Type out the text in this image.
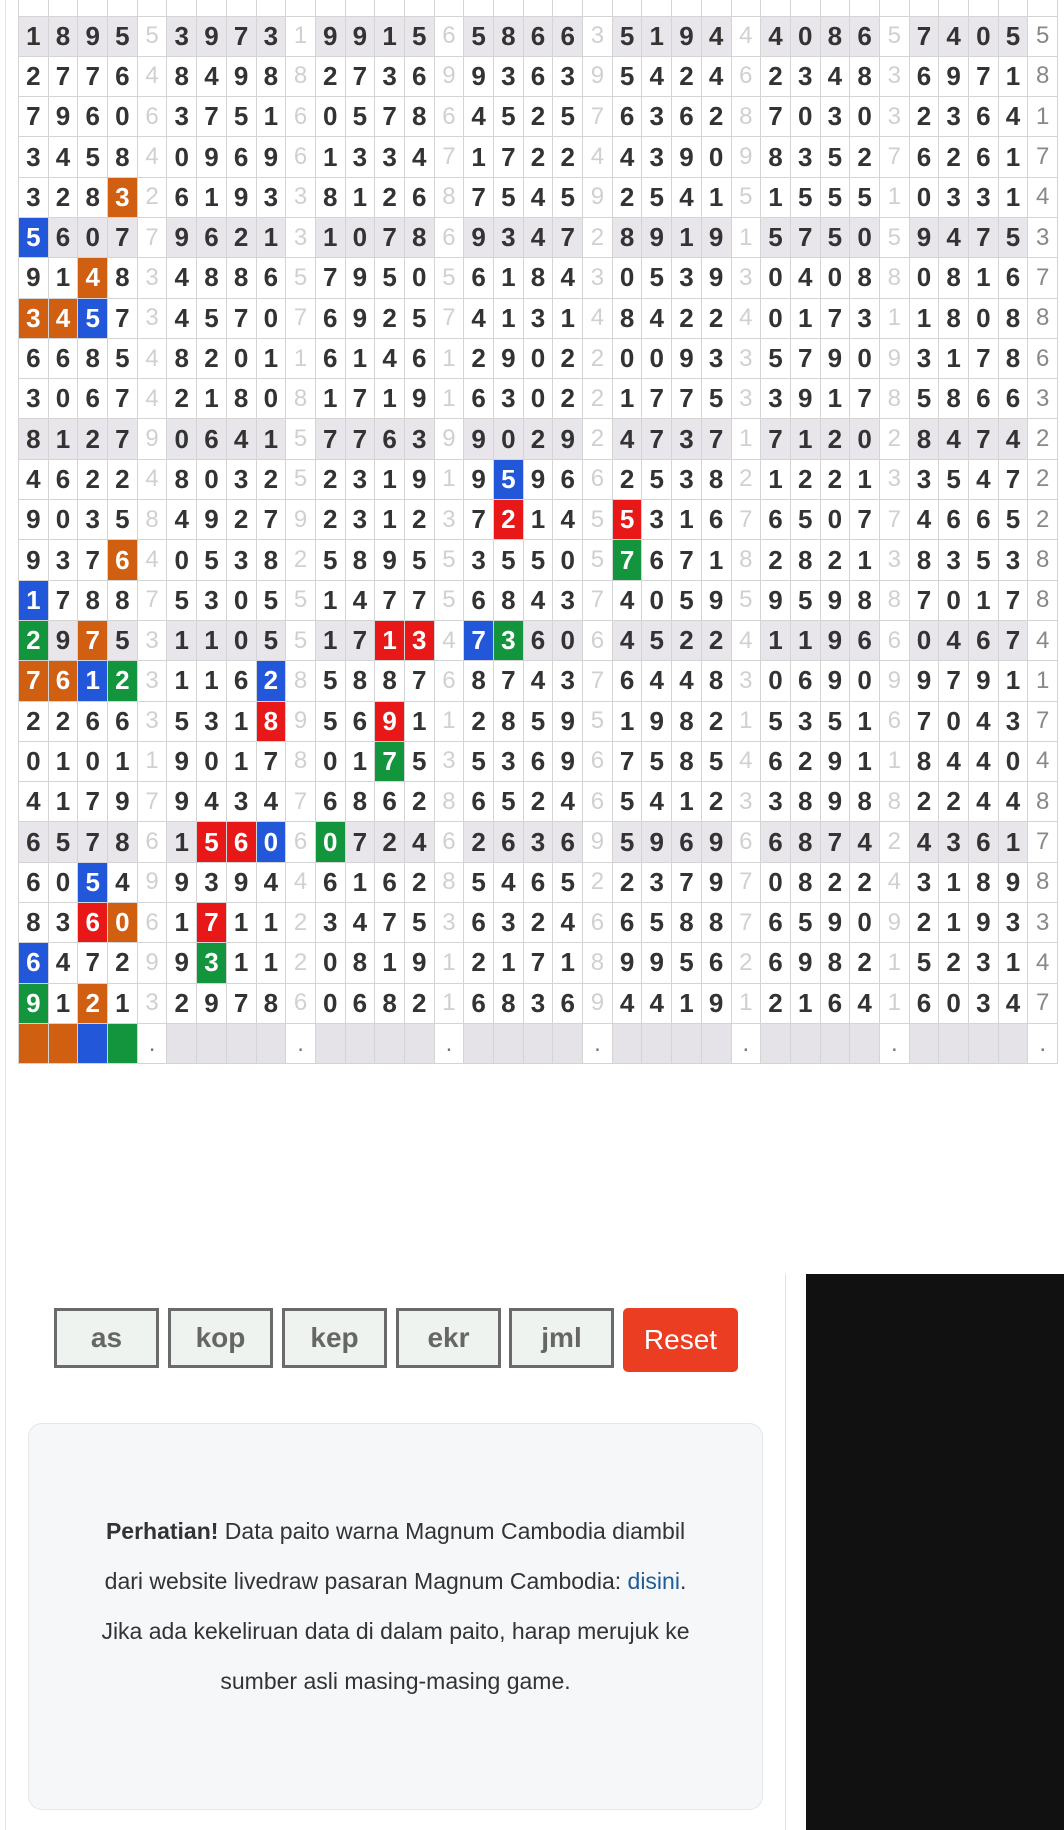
1	8	9	5	5	3	9	7	3	1	9	9	1	5	6	5	8	6	6	3	5	1	9	4	4	4	0	8	6	5	7	4	0	5	5
2	7	7	6	4	8	4	9	8	8	2	7	3	6	9	9	3	6	3	9	5	4	2	4	6	2	3	4	8	3	6	9	7	1	8
7	9	6	0	6	3	7	5	1	6	0	5	7	8	6	4	5	2	5	7	6	3	6	2	8	7	0	3	0	3	2	3	6	4	1
3	4	5	8	4	0	9	6	9	6	1	3	3	4	7	1	7	2	2	4	4	3	9	0	9	8	3	5	2	7	6	2	6	1	7
3	2	8	3	2	6	1	9	3	3	8	1	2	6	8	7	5	4	5	9	2	5	4	1	5	1	5	5	5	1	0	3	3	1	4
5	6	0	7	7	9	6	2	1	3	1	0	7	8	6	9	3	4	7	2	8	9	1	9	1	5	7	5	0	5	9	4	7	5	3
9	1	4	8	3	4	8	8	6	5	7	9	5	0	5	6	1	8	4	3	0	5	3	9	3	0	4	0	8	8	0	8	1	6	7
3	4	5	7	3	4	5	7	0	7	6	9	2	5	7	4	1	3	1	4	8	4	2	2	4	0	1	7	3	1	1	8	0	8	8
6	6	8	5	4	8	2	0	1	1	6	1	4	6	1	2	9	0	2	2	0	0	9	3	3	5	7	9	0	9	3	1	7	8	6
3	0	6	7	4	2	1	8	0	8	1	7	1	9	1	6	3	0	2	2	1	7	7	5	3	3	9	1	7	8	5	8	6	6	3
8	1	2	7	9	0	6	4	1	5	7	7	6	3	9	9	0	2	9	2	4	7	3	7	1	7	1	2	0	2	8	4	7	4	2
4	6	2	2	4	8	0	3	2	5	2	3	1	9	1	9	5	9	6	6	2	5	3	8	2	1	2	2	1	3	3	5	4	7	2
9	0	3	5	8	4	9	2	7	9	2	3	1	2	3	7	2	1	4	5	5	3	1	6	7	6	5	0	7	7	4	6	6	5	2
9	3	7	6	4	0	5	3	8	2	5	8	9	5	5	3	5	5	0	5	7	6	7	1	8	2	8	2	1	3	8	3	5	3	8
1	7	8	8	7	5	3	0	5	5	1	4	7	7	5	6	8	4	3	7	4	0	5	9	5	9	5	9	8	8	7	0	1	7	8
2	9	7	5	3	1	1	0	5	5	1	7	1	3	4	7	3	6	0	6	4	5	2	2	4	1	1	9	6	6	0	4	6	7	4
7	6	1	2	3	1	1	6	2	8	5	8	8	7	6	8	7	4	3	7	6	4	4	8	3	0	6	9	0	9	9	7	9	1	1
2	2	6	6	3	5	3	1	8	9	5	6	9	1	1	2	8	5	9	5	1	9	8	2	1	5	3	5	1	6	7	0	4	3	7
0	1	0	1	1	9	0	1	7	8	0	1	7	5	3	5	3	6	9	6	7	5	8	5	4	6	2	9	1	1	8	4	4	0	4
4	1	7	9	7	9	4	3	4	7	6	8	6	2	8	6	5	2	4	6	5	4	1	2	3	3	8	9	8	8	2	2	4	4	8
6	5	7	8	6	1	5	6	0	6	0	7	2	4	6	2	6	3	6	9	5	9	6	9	6	6	8	7	4	2	4	3	6	1	7
6	0	5	4	9	9	3	9	4	4	6	1	6	2	8	5	4	6	5	2	2	3	7	9	7	0	8	2	2	4	3	1	8	9	8
8	3	6	0	6	1	7	1	1	2	3	4	7	5	3	6	3	2	4	6	6	5	8	8	7	6	5	9	0	9	2	1	9	3	3
6	4	7	2	9	9	3	1	1	2	0	8	1	9	1	2	1	7	1	8	9	9	5	6	2	6	9	8	2	1	5	2	3	1	4
9	1	2	1	3	2	9	7	8	6	0	6	8	2	1	6	8	3	6	9	4	4	1	9	1	2	1	6	4	1	6	0	3	4	7
				.					.					.					.					.					.					.
as	kop	kep	ekr	jml	Reset
Perhatian! Data paito warna Magnum Cambodia diambil dari website livedraw pasaran Magnum Cambodia: disini. Jika ada kekeliruan data di dalam paito, harap merujuk ke sumber asli masing-masing game.
